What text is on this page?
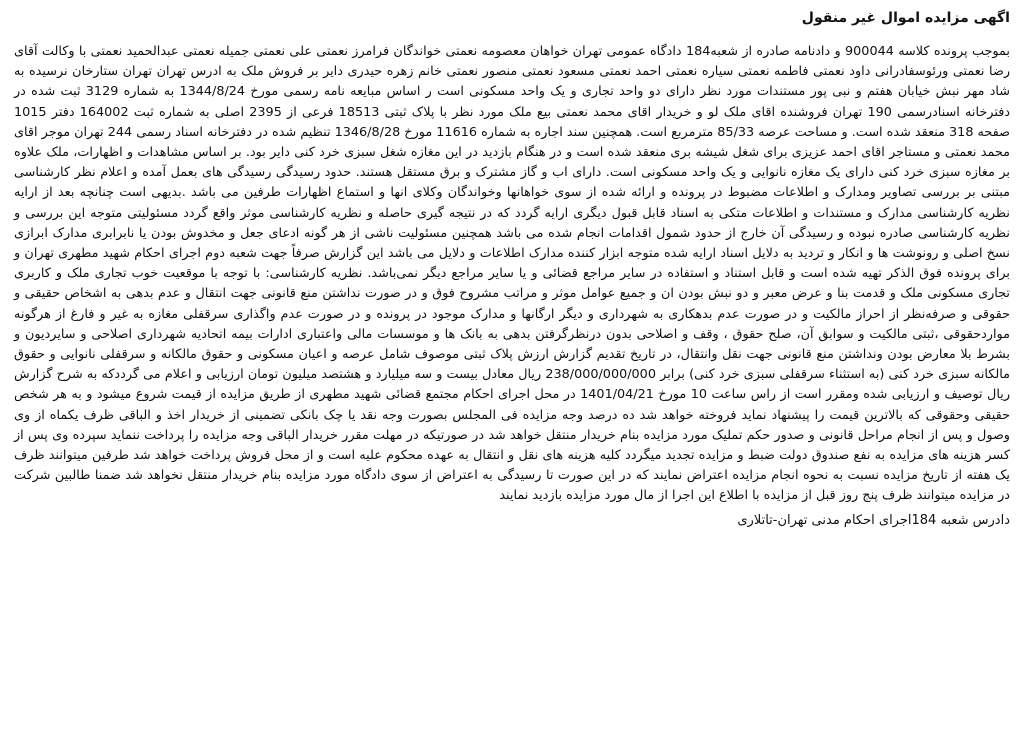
اگهی مزایده اموال غیر منقول

بموجب پرونده کلاسه 900044 و دادنامه صادره از شعبه184 دادگاه عمومی تهران خواهان معصومه نعمتی خواندگان فرامرز نعمتی علی نعمتی جمیله نعمتی عبدالحمید نعمتی با وکالت آقای رضا نعمتی ورئوسفادرانی داود نعمتی فاطمه نعمتی سیاره نعمتی احمد نعمتی مسعود نعمتی منصور نعمتی خانم زهره حیدری دایر بر فروش ملک به ادرس تهران تهران ستارخان نرسیده به شاد مهر نبش خیابان هفتم و نبی پور مستندات مورد نظر دارای دو واحد تجاری و یک واحد مسکونی است ر اساس مبایعه نامه رسمی مورخ 1344/8/24 به شماره 3129 ثبت شده در دفترخانه اسنادرسمی 190 تهران فروشنده اقای ملک لو و خریدار اقای محمد نعمتی بیع ملک مورد نظر با پلاک ثبتی 18513 فرعی از 2395 اصلی به شماره ثبت 164002 دفتر 1015 صفحه 318 منعقد شده است. و مساحت عرصه 85/33 مترمربع است. همچنین سند اجاره به شماره 11616 مورخ 1346/8/28 تنظیم شده در دفترخانه اسناد رسمی 244 تهران موجر اقای محمد نعمتی و مستاجر اقای احمد عزیزی برای شغل شیشه بری منعقد شده است و در هنگام بازدید در این مغازه شغل سبزی خرد کنی دایر بود. بر اساس مشاهدات و اظهارات، ملک علاوه بر مغازه سبزی خرد کنی دارای یک مغازه نانوایی و یک واحد مسکونی است. دارای اب و گاز مشترک و برق مستقل هستند. حدود رسیدگی رسیدگی های بعمل آمده و اعلام نظر کارشناسی مبتنی بر بررسی تصاویر ومدارک و اطلاعات مضبوط در پرونده و ارائه شده از سوی خواهانها وخواندگان وکلای انها و استماع اظهارات طرفین می باشد .بدیهی است چنانچه بعد از ارایه نظریه کارشناسی مدارک و مستندات و اطلاعات متکی به اسناد قابل قبول دیگری ارایه گردد که در نتیجه گیری حاصله و نظریه کارشناسی موثر واقع گردد مسئولیتی متوجه این بررسی و نظریه کارشناسی صادره نبوده و رسیدگی آن خارج از حدود شمول اقدامات انجام شده می باشد همچنین مسئولیت ناشی از هر گونه ادعای جعل و مخدوش بودن یا نابرابری مدارک ابرازی نسخ اصلی و رونوشت ها و انکار و تردید به دلایل اسناد ارایه شده متوجه ابزار کننده مدارک اطلاعات و دلایل می باشد این گزارش صرفاً جهت شعبه دوم اجرای احکام شهید مطهری تهران و برای پرونده فوق الذکر تهیه شده است و قابل استناد و استفاده در سایر مراجع قضائی و یا سایر مراجع دیگر نمی‌باشد. نظریه کارشناسی: با توجه با موقعیت خوب تجاری ملک و کاربری تجاری مسکونی ملک و قدمت بنا و عرض معبر و دو نبش بودن ان و جمیع عوامل موثر و مراتب مشروح فوق و در صورت نداشتن منع قانونی جهت انتقال و عدم بدهی به اشخاص حقیقی و حقوقی و صرفه‌نظر از احراز مالکیت و در صورت عدم بدهکاری به شهرداری و دیگر ارگانها و مدارک موجود در پرونده و در صورت عدم واگذاری سرقفلی مغازه به غیر و فارغ از هرگونه مواردحقوقی ،ثبتی مالکیت و سوابق آن، صلح حقوق ، وقف و اصلاحی بدون درنظرگرفتن بدهی به بانک ها و موسسات مالی واعتباری ادارات بیمه اتحادیه شهرداری اصلاحی و سایردیون و بشرط بلا معارض بودن ونداشتن منع قانونی جهت نقل وانتقال، در تاریخ تقدیم گزارش ارزش پلاک ثبتی موصوف شامل عرصه و اعیان مسکونی و حقوق مالکانه و سرقفلی نانوایی و حقوق مالکانه سبزی خرد کنی (به استثناء سرقفلی سبزی خرد کنی) برابر 238/000/000/000 ریال معادل بیست و سه میلیارد و هشتصد میلیون تومان ارزیابی و اعلام می گرددکه به شرح گزارش ریال توصیف و ارزیابی شده ومقرر است از راس ساعت 10 مورخ 1401/04/21 در محل اجرای احکام مجتمع قضائی شهید مطهری از طریق مزایده از قیمت شروع میشود و به هر شخص حقیقی وحقوقی که بالاترین قیمت را پیشنهاد نماید فروخته خواهد شد ده درصد وجه مزایده فی المجلس بصورت وجه نقد یا چک بانکی تضمینی از خریدار اخذ و الباقی ظرف یکماه از وی وصول و پس از انجام مراحل قانونی و صدور حکم تملیک مورد مزایده بنام خریدار منتقل خواهد شد در صورتیکه در مهلت مقرر خریدار الباقی وجه مزایده را پرداخت ننماید سپرده وی پس از کسر هزینه های مزایده به نفع صندوق دولت ضبط و مزایده تجدید میگردد کلیه هزینه های نقل و انتقال به عهده محکوم علیه است و از محل فروش پرداخت خواهد شد طرفین میتوانند ظرف یک هفته از تاریخ مزایده نسبت به نحوه انجام مزایده اعتراض نمایند که در این صورت تا رسیدگی به اعتراض از سوی دادگاه مورد مزایده بنام خریدار منتقل نخواهد شد ضمنا طالبین شرکت در مزایده میتوانند ظرف پنج روز قبل از مزایده با اطلاع این اجرا از مال مورد مزایده بازدید نمایند

دادرس شعبه 184اجرای احکام مدنی تهران-تاتلاری
